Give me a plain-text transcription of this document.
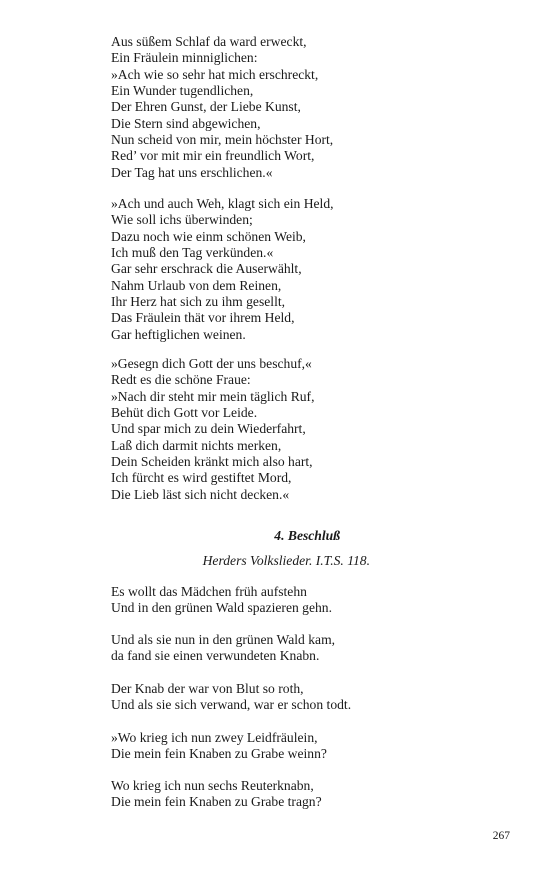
Aus süßem Schlaf da ward erweckt,
Ein Fräulein minniglichen:
»Ach wie so sehr hat mich erschreckt,
Ein Wunder tugendlichen,
Der Ehren Gunst, der Liebe Kunst,
Die Stern sind abgewichen,
Nun scheid von mir, mein höchster Hort,
Red’ vor mit mir ein freundlich Wort,
Der Tag hat uns erschlichen.«
»Ach und auch Weh, klagt sich ein Held,
Wie soll ichs überwinden;
Dazu noch wie einm schönen Weib,
Ich muß den Tag verkünden.«
Gar sehr erschrack die Auserwählt,
Nahm Urlaub von dem Reinen,
Ihr Herz hat sich zu ihm gesellt,
Das Fräulein thät vor ihrem Held,
Gar heftiglichen weinen.
»Gesegn dich Gott der uns beschuf,«
Redt es die schöne Fraue:
»Nach dir steht mir mein täglich Ruf,
Behüt dich Gott vor Leide.
Und spar mich zu dein Wiederfahrt,
Laß dich darmit nichts merken,
Dein Scheiden kränkt mich also hart,
Ich fürcht es wird gestiftet Mord,
Die Lieb läst sich nicht decken.«
4. Beschluß
Herders Volkslieder. I.T.S. 118.
Es wollt das Mädchen früh aufstehn
Und in den grünen Wald spazieren gehn.
Und als sie nun in den grünen Wald kam,
da fand sie einen verwundeten Knabn.
Der Knab der war von Blut so roth,
Und als sie sich verwand, war er schon todt.
»Wo krieg ich nun zwey Leidfräulein,
Die mein fein Knaben zu Grabe weinn?
Wo krieg ich nun sechs Reuterknabn,
Die mein fein Knaben zu Grabe tragn?
267
